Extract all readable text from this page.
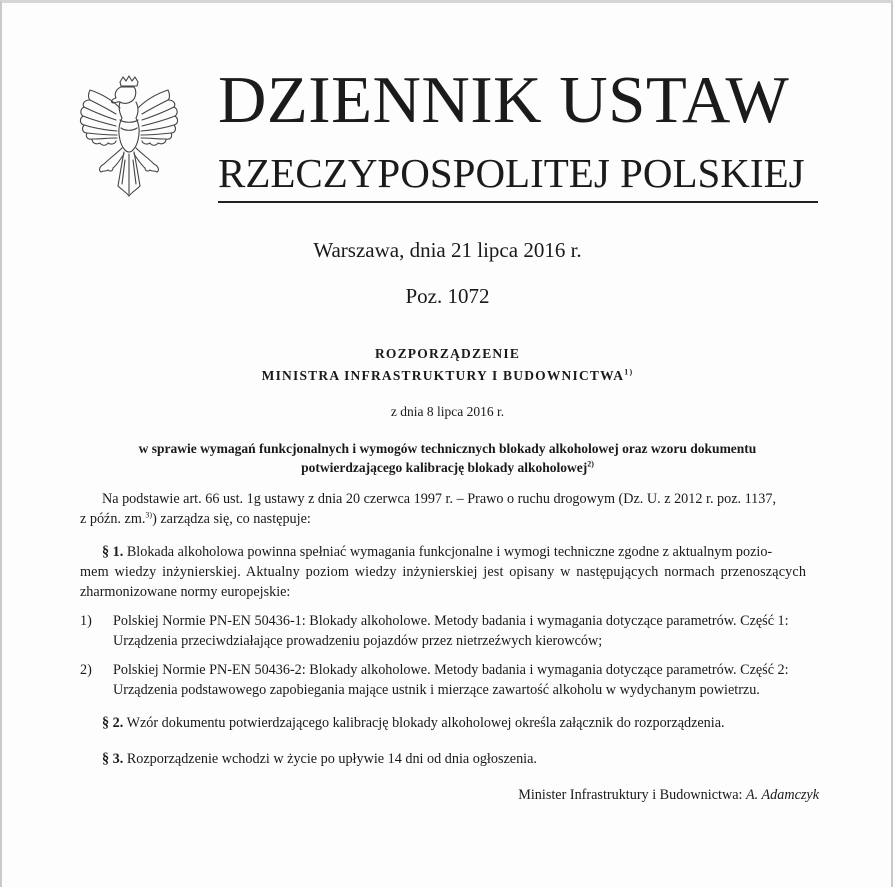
DZIENNIK USTAW
RZECZYPOSPOLITEJ POLSKIEJ
Warszawa, dnia 21 lipca 2016 r.
Poz. 1072
ROZPORZĄDZENIE
MINISTRA INFRASTRUKTURY I BUDOWNICTWA$^{1)}$
z dnia 8 lipca 2016 r.
w sprawie wymagań funkcjonalnych i wymogów technicznych blokady alkoholowej oraz wzoru dokumentu
potwierdzającego kalibrację blokady alkoholowej$^{2)}$
Na podstawie art. 66 ust. 1g ustawy z dnia 20 czerwca 1997 r. – Prawo o ruchu drogowym (Dz. U. z 2012 r. poz. 1137,
z późn. zm.$^{3)}$) zarządza się, co następuje:
§ 1. Blokada alkoholowa powinna spełniać wymagania funkcjonalne i wymogi techniczne zgodne z aktualnym pozio-
mem wiedzy inżynierskiej. Aktualny poziom wiedzy inżynierskiej jest opisany w następujących normach przenoszących
zharmonizowane normy europejskie:
1) Polskiej Normie PN-EN 50436-1: Blokady alkoholowe. Metody badania i wymagania dotyczące parametrów. Część 1:
Urządzenia przeciwdziałające prowadzeniu pojazdów przez nietrzeźwych kierowców;
2) Polskiej Normie PN-EN 50436-2: Blokady alkoholowe. Metody badania i wymagania dotyczące parametrów. Część 2:
Urządzenia podstawowego zapobiegania mające ustnik i mierzące zawartość alkoholu w wydychanym powietrzu.
§ 2. Wzór dokumentu potwierdzającego kalibrację blokady alkoholowej określa załącznik do rozporządzenia.
§ 3. Rozporządzenie wchodzi w życie po upływie 14 dni od dnia ogłoszenia.
Minister Infrastruktury i Budownictwa: A. Adamczyk
